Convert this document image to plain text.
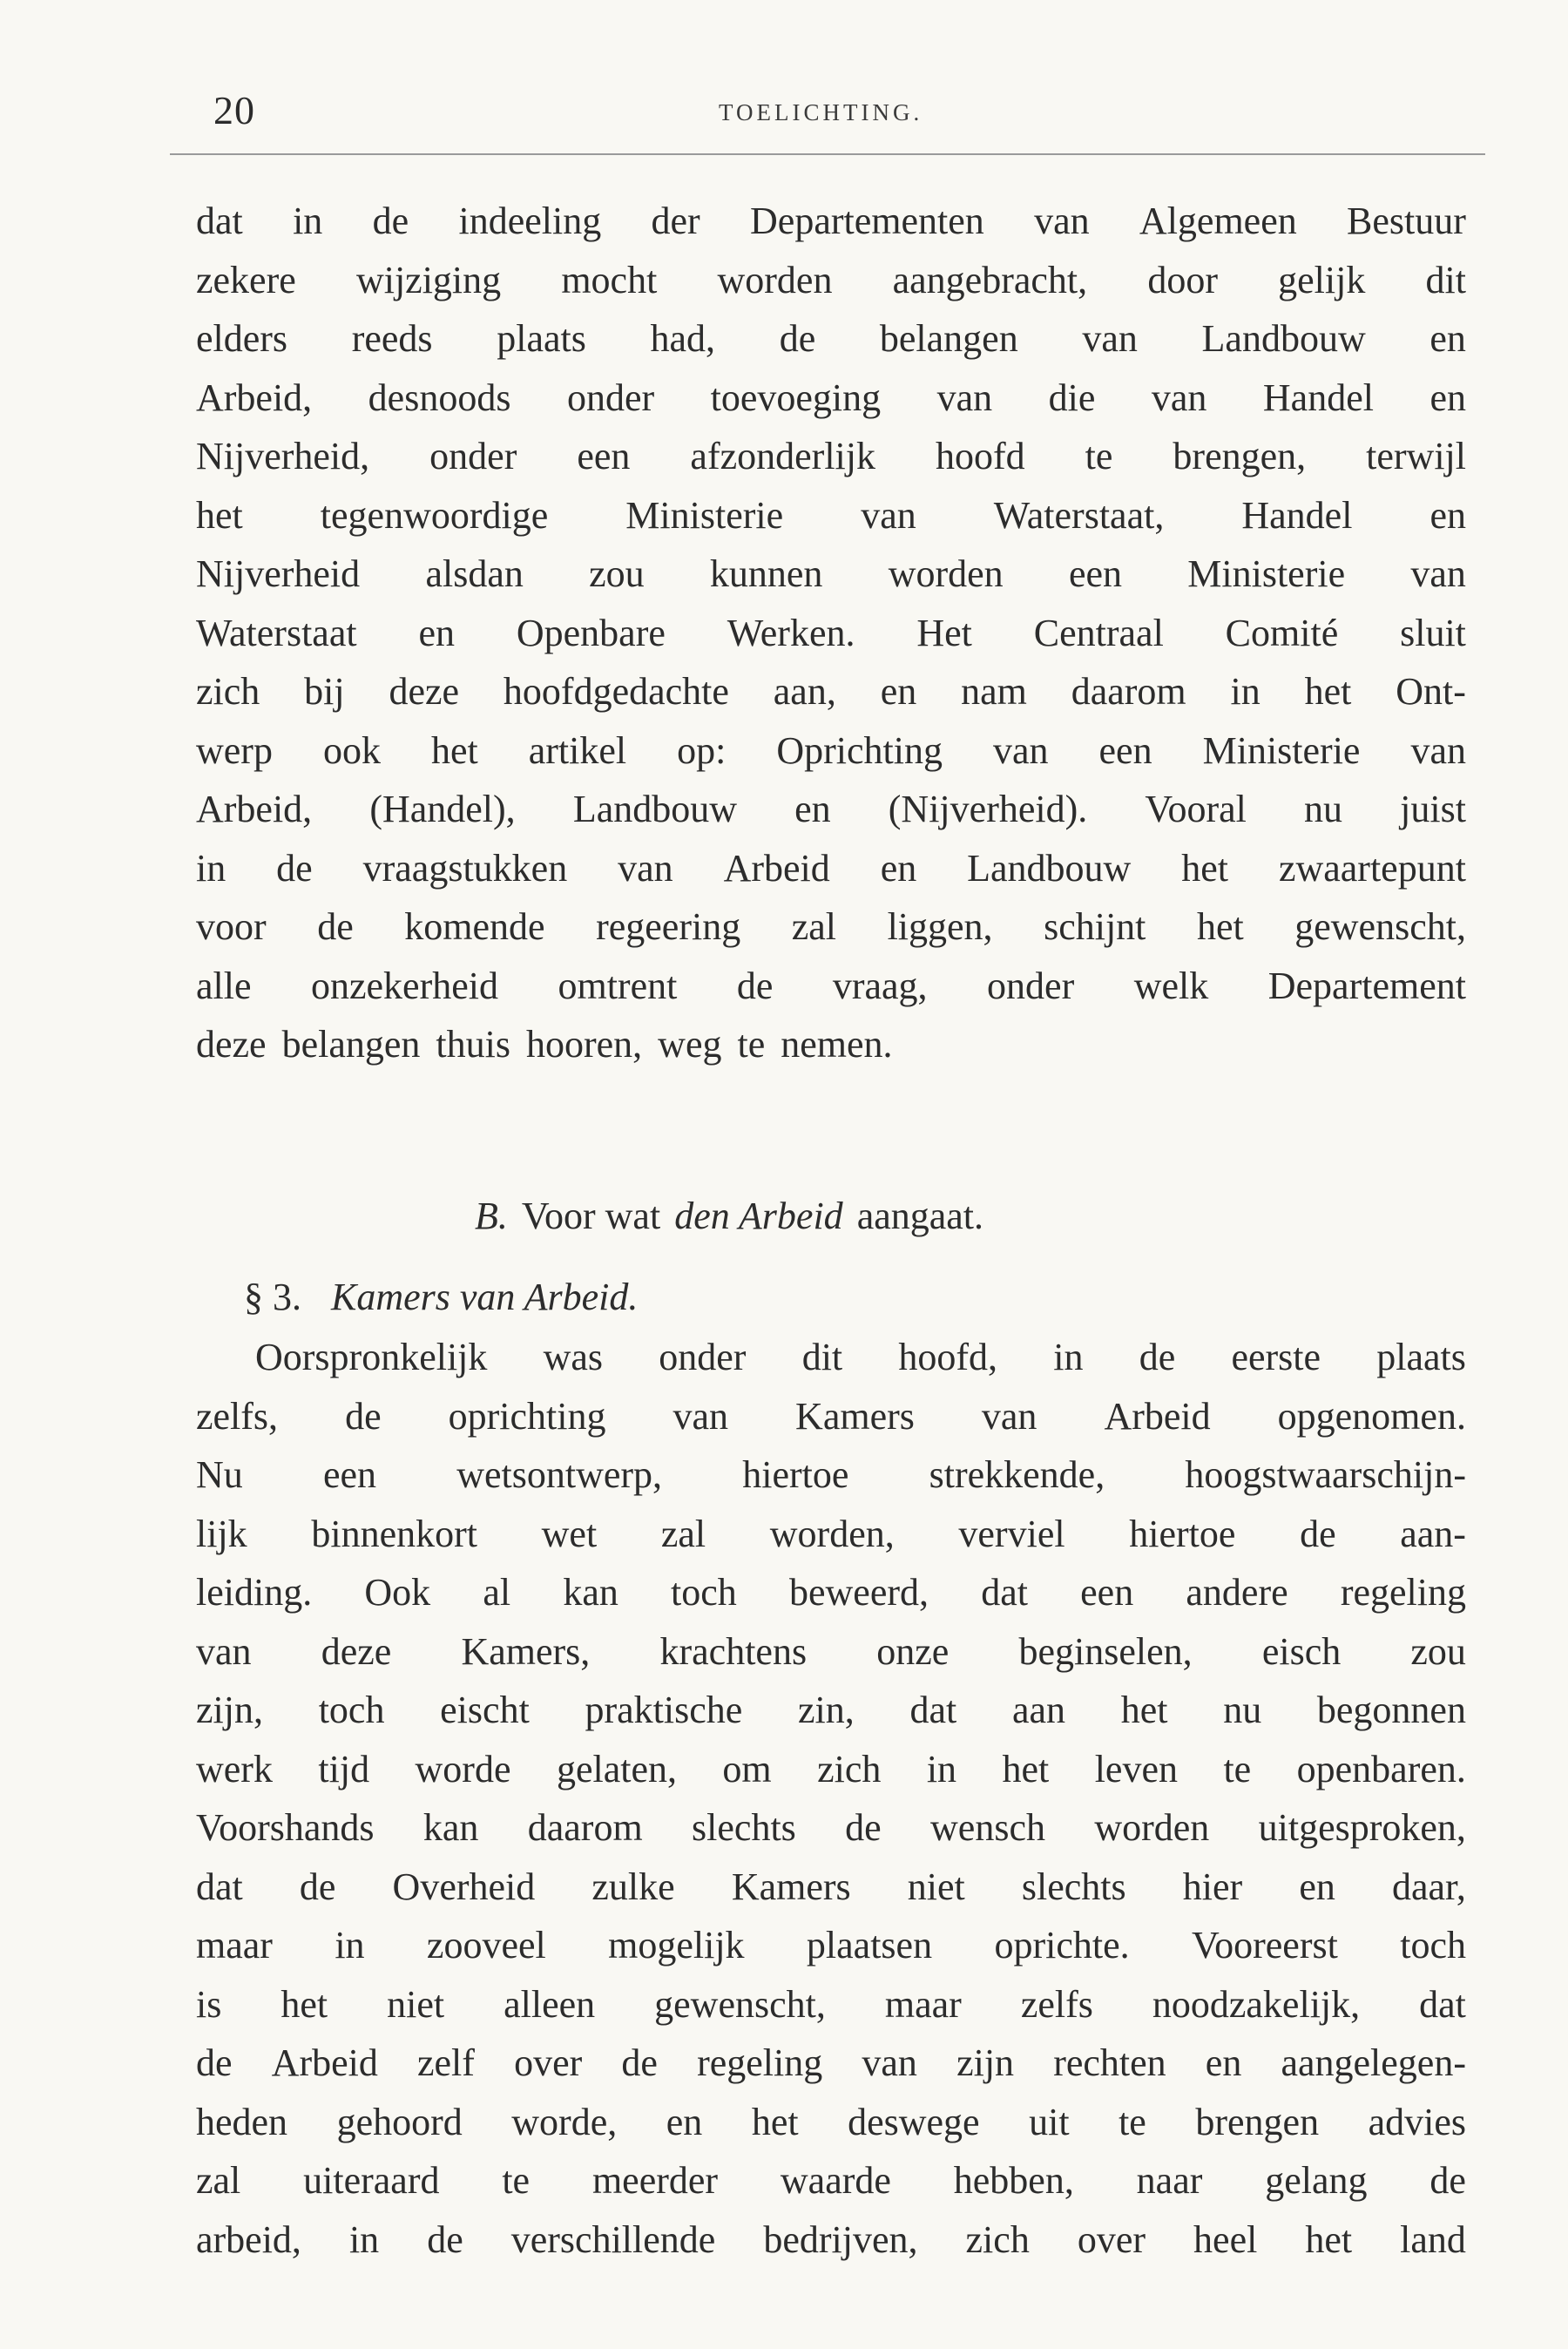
20	TOELICHTING.
dat in de indeeling der Departementen van Algemeen Bestuur
zekere wijziging mocht worden aangebracht, door gelijk dit
elders reeds plaats had, de belangen van Landbouw en
Arbeid, desnoods onder toevoeging van die van Handel en
Nijverheid, onder een afzonderlijk hoofd te brengen, terwijl
het tegenwoordige Ministerie van Waterstaat, Handel en
Nijverheid alsdan zou kunnen worden een Ministerie van
Waterstaat en Openbare Werken. Het Centraal Comité sluit
zich bij deze hoofdgedachte aan, en nam daarom in het Ont-
werp ook het artikel op: Oprichting van een Ministerie van
Arbeid, (Handel), Landbouw en (Nijverheid). Vooral nu juist
in de vraagstukken van Arbeid en Landbouw het zwaartepunt
voor de komende regeering zal liggen, schijnt het gewenscht,
alle onzekerheid omtrent de vraag, onder welk Departement
deze belangen thuis hooren, weg te nemen.
B. Voor wat den Arbeid aangaat.
§ 3. Kamers van Arbeid.
Oorspronkelijk was onder dit hoofd, in de eerste plaats
zelfs, de oprichting van Kamers van Arbeid opgenomen.
Nu een wetsontwerp, hiertoe strekkende, hoogstwaarschijn-
lijk binnenkort wet zal worden, verviel hiertoe de aan-
leiding. Ook al kan toch beweerd, dat een andere regeling
van deze Kamers, krachtens onze beginselen, eisch zou
zijn, toch eischt praktische zin, dat aan het nu begonnen
werk tijd worde gelaten, om zich in het leven te openbaren.
Voorshands kan daarom slechts de wensch worden uitgesproken,
dat de Overheid zulke Kamers niet slechts hier en daar,
maar in zooveel mogelijk plaatsen oprichte. Vooreerst toch
is het niet alleen gewenscht, maar zelfs noodzakelijk, dat
de Arbeid zelf over de regeling van zijn rechten en aangelegen-
heden gehoord worde, en het deswege uit te brengen advies
zal uiteraard te meerder waarde hebben, naar gelang de
arbeid, in de verschillende bedrijven, zich over heel het land
